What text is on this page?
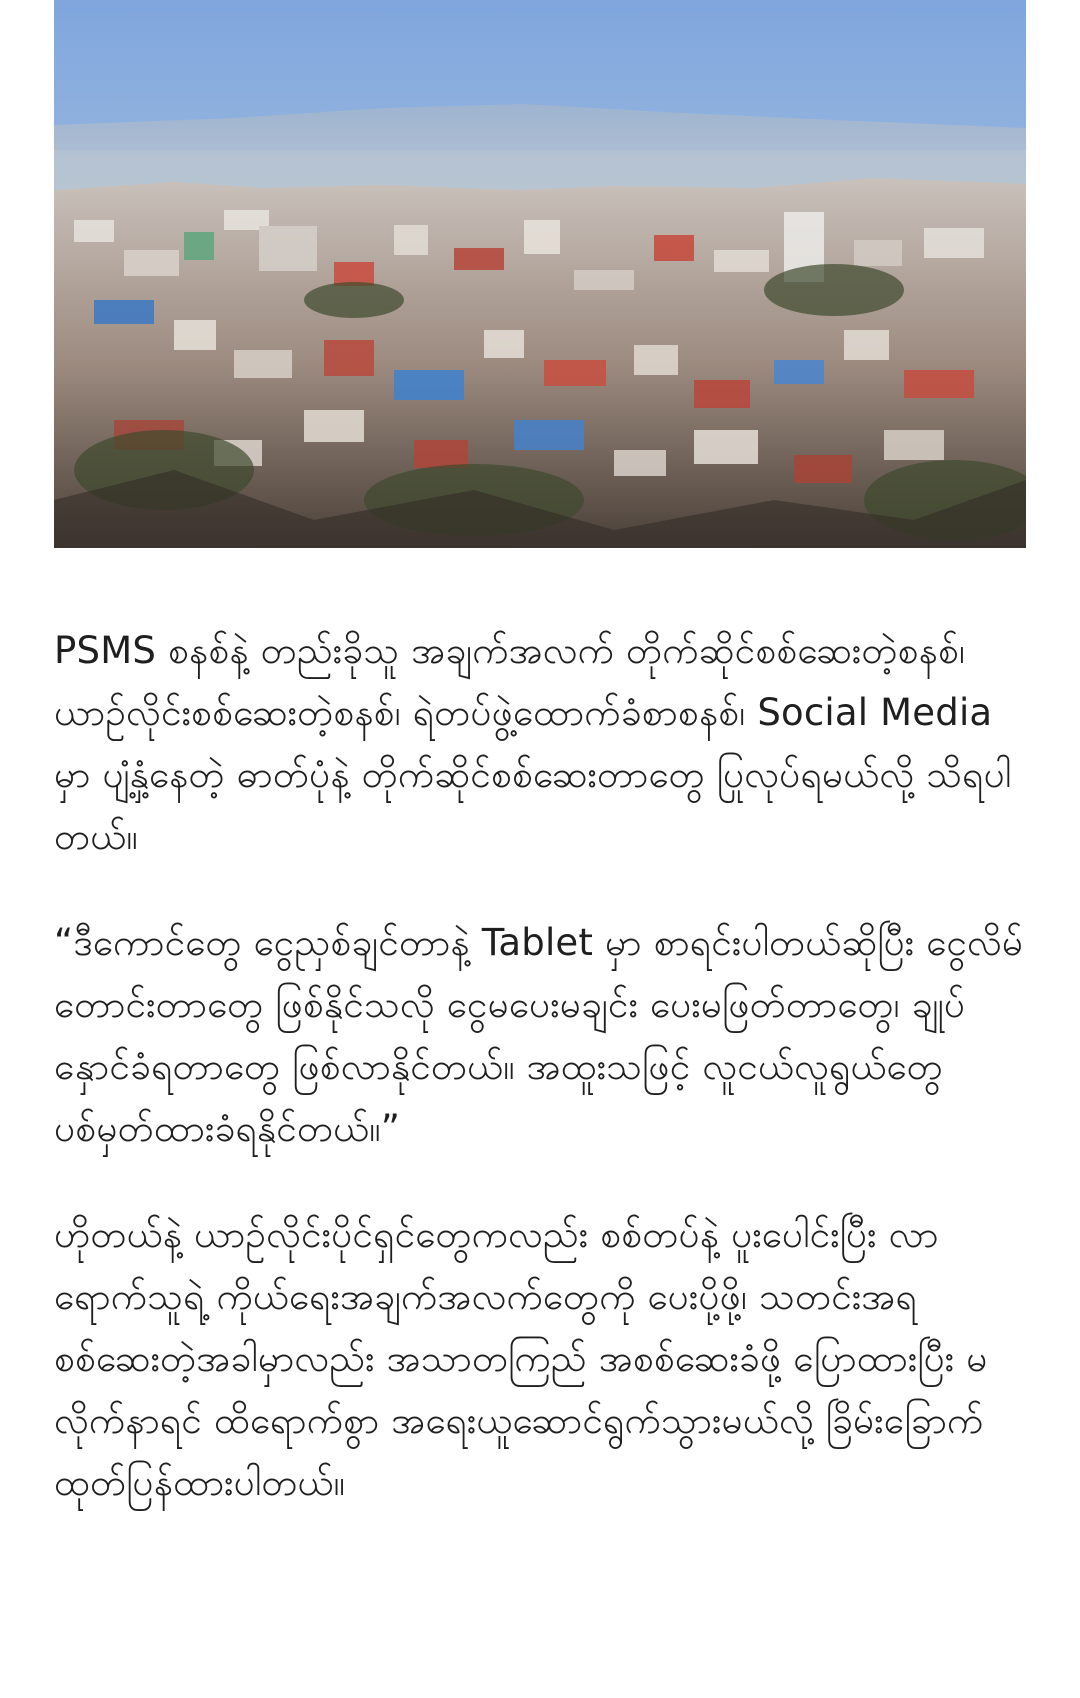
PSMS စနစ်နဲ့ တည်းခိုသူ အချက်အလက် တိုက်ဆိုင်စစ်ဆေးတဲ့စနစ်၊ ယာဉ်လိုင်းစစ်ဆေးတဲ့စနစ်၊ ရဲတပ်ဖွဲ့ထောက်ခံစာစနစ်၊ Social Media မှာ ပျံ့နှံ့နေတဲ့ ဓာတ်ပုံနဲ့ တိုက်ဆိုင်စစ်ဆေးတာတွေ ပြုလုပ်ရမယ်လို့ သိရပါတယ်။

“ဒီကောင်တွေ ငွေညှစ်ချင်တာနဲ့ Tablet မှာ စာရင်းပါတယ်ဆိုပြီး ငွေလိမ်တောင်းတာတွေ ဖြစ်နိုင်သလို ငွေမပေးမချင်း ပေးမဖြတ်တာတွေ၊ ချုပ်နှောင်ခံရတာတွေ ဖြစ်လာနိုင်တယ်။ အထူးသဖြင့် လူငယ်လူရွယ်တွေ ပစ်မှတ်ထားခံရနိုင်တယ်။”

ဟိုတယ်နဲ့ ယာဉ်လိုင်းပိုင်ရှင်တွေကလည်း စစ်တပ်နဲ့ ပူးပေါင်းပြီး လာရောက်သူရဲ့ ကိုယ်ရေးအချက်အလက်တွေကို ပေးပို့ဖို့၊ သတင်းအရ စစ်ဆေးတဲ့အခါမှာလည်း အသာတကြည် အစစ်ဆေးခံဖို့ ပြောထားပြီး မလိုက်နာရင် ထိရောက်စွာ အရေးယူဆောင်ရွက်သွားမယ်လို့ ခြိမ်းခြောက်ထုတ်ပြန်ထားပါတယ်။
